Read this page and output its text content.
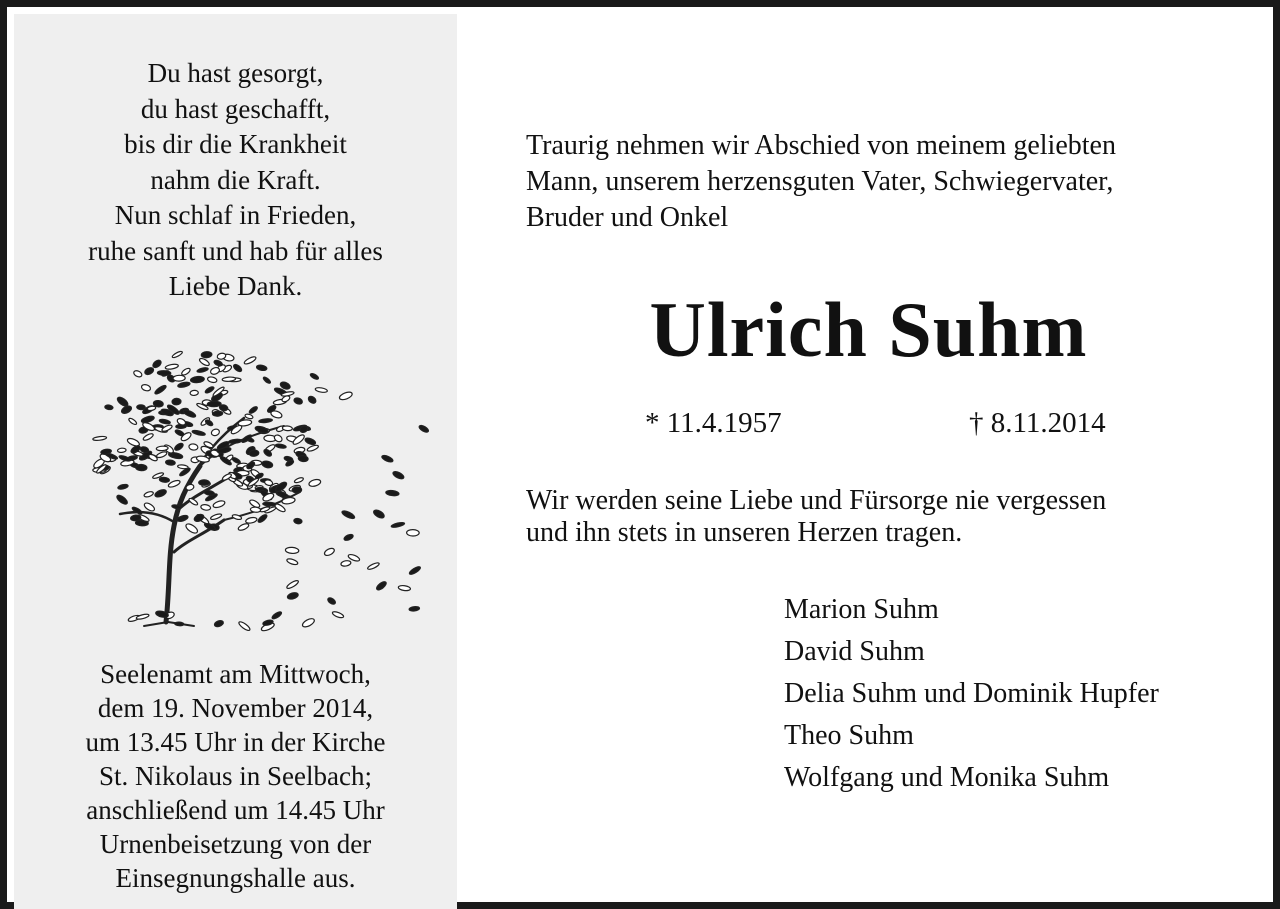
Du hast gesorgt,
du hast geschafft,
bis dir die Krankheit
nahm die Kraft.
Nun schlaf in Frieden,
ruhe sanft und hab für alles
Liebe Dank.
Seelenamt am Mittwoch,
dem 19. November 2014,
um 13.45 Uhr in der Kirche
St. Nikolaus in Seelbach;
anschließend um 14.45 Uhr
Urnenbeisetzung von der
Einsegnungshalle aus.
Traurig nehmen wir Abschied von meinem geliebten
Mann, unserem herzensguten Vater, Schwiegervater,
Bruder und Onkel
Ulrich Suhm
* 11.4.1957	† 8.11.2014
Wir werden seine Liebe und Fürsorge nie vergessen
und ihn stets in unseren Herzen tragen.
Marion Suhm
David Suhm
Delia Suhm und Dominik Hupfer
Theo Suhm
Wolfgang und Monika Suhm
